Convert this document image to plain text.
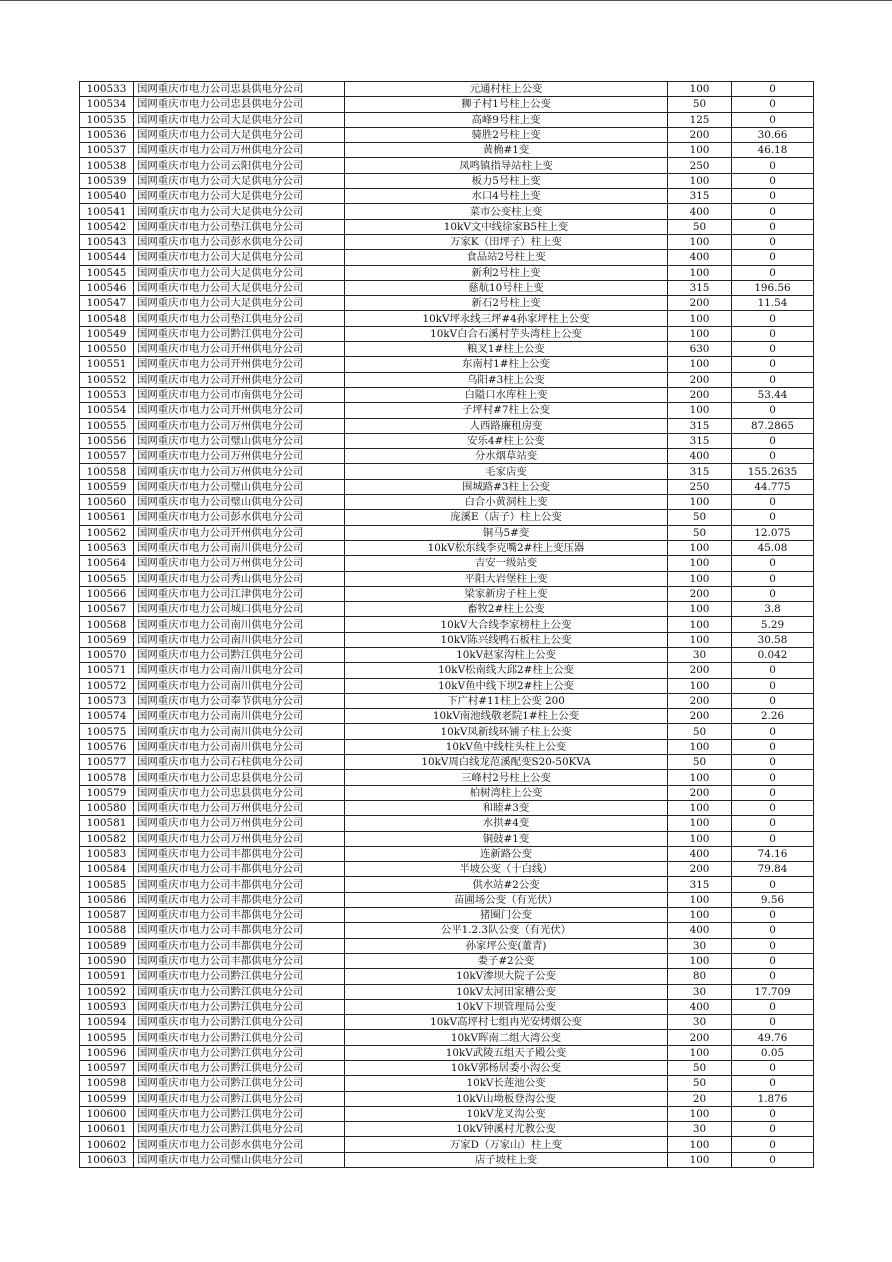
100533	国网重庆市电力公司忠县供电分公司	元通村柱上公变	100	0
100534	国网重庆市电力公司忠县供电分公司	狮子村1号柱上公变	50	0
100535	国网重庆市电力公司大足供电分公司	高峰9号柱上变	125	0
100536	国网重庆市电力公司大足供电分公司	骑胜2号柱上变	200	30.66
100537	国网重庆市电力公司万州供电分公司	黄桷#1变	100	46.18
100538	国网重庆市电力公司云阳供电分公司	凤鸣镇指导站柱上变	250	0
100539	国网重庆市电力公司大足供电分公司	板力5号柱上变	100	0
100540	国网重庆市电力公司大足供电分公司	水口4号柱上变	315	0
100541	国网重庆市电力公司大足供电分公司	菜市公变柱上变	400	0
100542	国网重庆市电力公司垫江供电分公司	10kV文中线徐家B5柱上变	50	0
100543	国网重庆市电力公司彭水供电分公司	万家K（田坪子）柱上变	100	0
100544	国网重庆市电力公司大足供电分公司	食品站2号柱上变	400	0
100545	国网重庆市电力公司大足供电分公司	新利2号柱上变	100	0
100546	国网重庆市电力公司大足供电分公司	慈航10号柱上变	315	196.56
100547	国网重庆市电力公司大足供电分公司	新石2号柱上变	200	11.54
100548	国网重庆市电力公司垫江供电分公司	10kV坪永线三坪#4孙家坪柱上公变	100	0
100549	国网重庆市电力公司黔江供电分公司	10kV白合石溪村芋头湾柱上公变	100	0
100550	国网重庆市电力公司开州供电分公司	粮叉1#柱上公变	630	0
100551	国网重庆市电力公司开州供电分公司	东南村1#柱上公变	100	0
100552	国网重庆市电力公司开州供电分公司	乌阳#3柱上公变	200	0
100553	国网重庆市电力公司市南供电分公司	白隘口水库柱上变	200	53.44
100554	国网重庆市电力公司开州供电分公司	子坪村#7柱上公变	100	0
100555	国网重庆市电力公司万州供电分公司	人西路廉租房变	315	87.2865
100556	国网重庆市电力公司璧山供电分公司	安乐4#柱上公变	315	0
100557	国网重庆市电力公司万州供电分公司	分水烟草站变	400	0
100558	国网重庆市电力公司万州供电分公司	毛家店变	315	155.2635
100559	国网重庆市电力公司璧山供电分公司	围城路#3柱上公变	250	44.775
100560	国网重庆市电力公司璧山供电分公司	白合小黄洞柱上变	100	0
100561	国网重庆市电力公司彭水供电分公司	庞溪E（店子）柱上公变	50	0
100562	国网重庆市电力公司开州供电分公司	铜马5#变	50	12.075
100563	国网重庆市电力公司南川供电分公司	10kV松东线李克嘴2#柱上变压器	100	45.08
100564	国网重庆市电力公司万州供电分公司	吉安一级站变	100	0
100565	国网重庆市电力公司秀山供电分公司	平阳大岩堡柱上变	100	0
100566	国网重庆市电力公司江津供电分公司	梁家新房子柱上变	200	0
100567	国网重庆市电力公司城口供电分公司	畜牧2#柱上公变	100	3.8
100568	国网重庆市电力公司南川供电分公司	10kV大合线李家榜柱上公变	100	5.29
100569	国网重庆市电力公司南川供电分公司	10kV陈兴线鸭石板柱上公变	100	30.58
100570	国网重庆市电力公司黔江供电分公司	10kV赵家沟柱上公变	30	0.042
100571	国网重庆市电力公司南川供电分公司	10kV松南线大邱2#柱上公变	200	0
100572	国网重庆市电力公司南川供电分公司	10kV鱼中线下坝2#柱上公变	100	0
100573	国网重庆市电力公司奉节供电分公司	下广村#11柱上公变 200	200	0
100574	国网重庆市电力公司南川供电分公司	10kV南池线敬老院1#柱上公变	200	2.26
100575	国网重庆市电力公司南川供电分公司	10kV凤新线环铺子柱上公变	50	0
100576	国网重庆市电力公司南川供电分公司	10kV鱼中线柱头柱上公变	100	0
100577	国网重庆市电力公司石柱供电分公司	10kV周白线龙范溪配变S20-50KVA	50	0
100578	国网重庆市电力公司忠县供电分公司	三峰村2号柱上公变	100	0
100579	国网重庆市电力公司忠县供电分公司	柏树湾柱上公变	200	0
100580	国网重庆市电力公司万州供电分公司	和睦#3变	100	0
100581	国网重庆市电力公司万州供电分公司	水拱#4变	100	0
100582	国网重庆市电力公司万州供电分公司	铜鼓#1变	100	0
100583	国网重庆市电力公司丰都供电分公司	连新路公变	400	74.16
100584	国网重庆市电力公司丰都供电分公司	半坡公变（十白线）	200	79.84
100585	国网重庆市电力公司丰都供电分公司	供水站#2公变	315	0
100586	国网重庆市电力公司丰都供电分公司	苗圃场公变（有光伏）	100	9.56
100587	国网重庆市电力公司丰都供电分公司	猪圈门公变	100	0
100588	国网重庆市电力公司丰都供电分公司	公平1.2.3队公变（有光伏）	400	0
100589	国网重庆市电力公司丰都供电分公司	孙家坪公变(董青)	30	0
100590	国网重庆市电力公司丰都供电分公司	娄子#2公变	100	0
100591	国网重庆市电力公司黔江供电分公司	10kV渗坝大院子公变	80	0
100592	国网重庆市电力公司黔江供电分公司	10kV太河田家槽公变	30	17.709
100593	国网重庆市电力公司黔江供电分公司	10kV下坝管理局公变	400	0
100594	国网重庆市电力公司黔江供电分公司	10kV高坪村七组冉光安烤烟公变	30	0
100595	国网重庆市电力公司黔江供电分公司	10kV晖南二组大湾公变	200	49.76
100596	国网重庆市电力公司黔江供电分公司	10kV武陵五组天子殿公变	100	0.05
100597	国网重庆市电力公司黔江供电分公司	10kV郭杨居委小沟公变	50	0
100598	国网重庆市电力公司黔江供电分公司	10kV长莲池公变	50	0
100599	国网重庆市电力公司黔江供电分公司	10kV山坳板登沟公变	20	1.876
100600	国网重庆市电力公司黔江供电分公司	10kV龙叉沟公变	100	0
100601	国网重庆市电力公司黔江供电分公司	10kV钟溪村尤教公变	30	0
100602	国网重庆市电力公司彭水供电分公司	万家D（万家山）柱上变	100	0
100603	国网重庆市电力公司璧山供电分公司	店子坡柱上变	100	0
